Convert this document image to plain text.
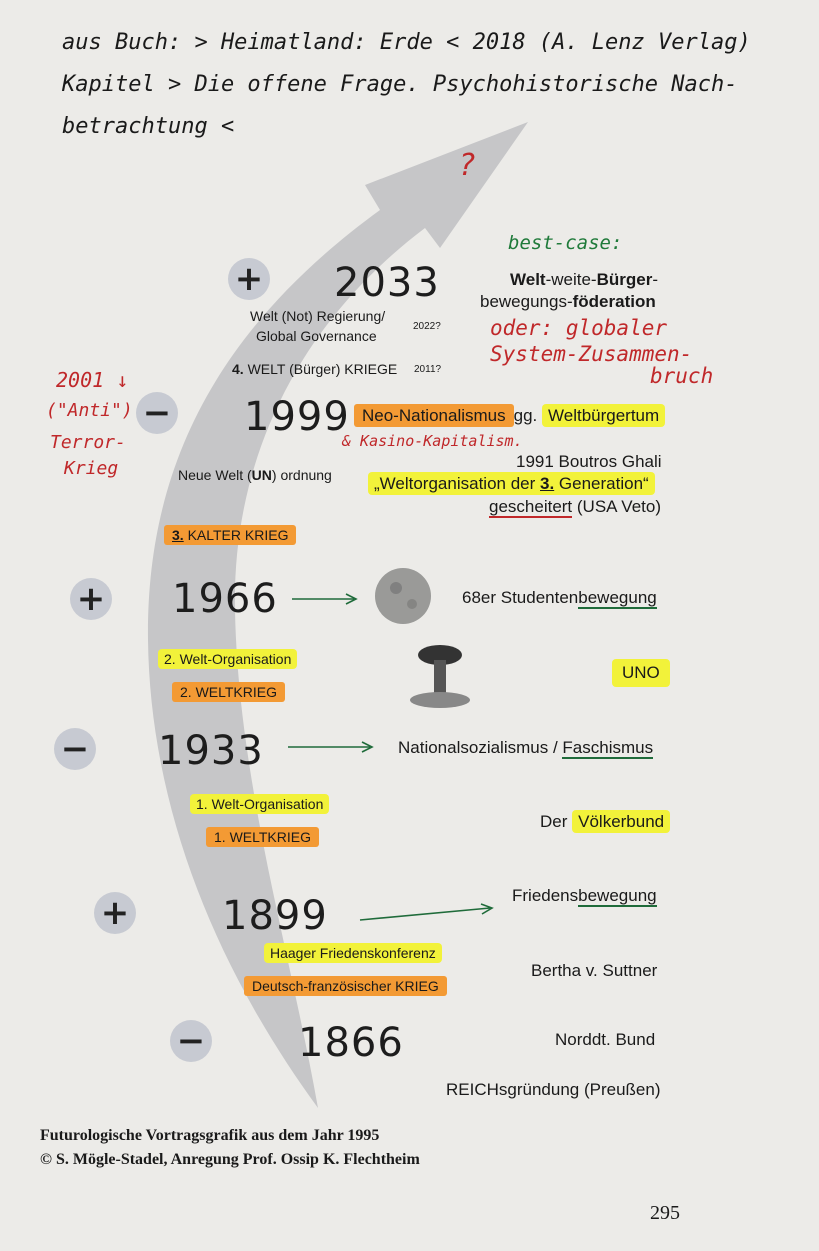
aus Buch: > Heimatland: Erde < 2018 (A. Lenz Verlag)
Kapitel > Die offene Frage. Psychohistorische Nach-
betrachtung <
?
best-case:
Welt-weite-Bürger-
bewegungs-föderation
oder: globaler
System-Zusammen-
bruch
+ 2033
Welt (Not) Regierung/
Global Governance
2022?
4. WELT (Bürger) KRIEGE 2011?
2001 ↓
("Anti")
Terror-
Krieg
− 1999 Neo-Nationalismus gg. Weltbürgertum
& Kasino-Kapitalism.
Neue Welt (UN) ordnung
1991 Boutros Ghali
„Weltorganisation der 3. Generation“
gescheitert (USA Veto)
3. KALTER KRIEG
+ 1966	68er Studentenbewegung
2. Welt-Organisation
UNO
2. WELTKRIEG
− 1933	Nationalsozialismus / Faschismus
1. Welt-Organisation
Der Völkerbund
1. WELTKRIEG
+ 1899	Friedensbewegung
Haager Friedenskonferenz
Bertha v. Suttner
Deutsch-französischer KRIEG
− 1866	Norddt. Bund
REICHsgründung (Preußen)
Futurologische Vortragsgrafik aus dem Jahr 1995
© S. Mögle-Stadel, Anregung Prof. Ossip K. Flechtheim
295
